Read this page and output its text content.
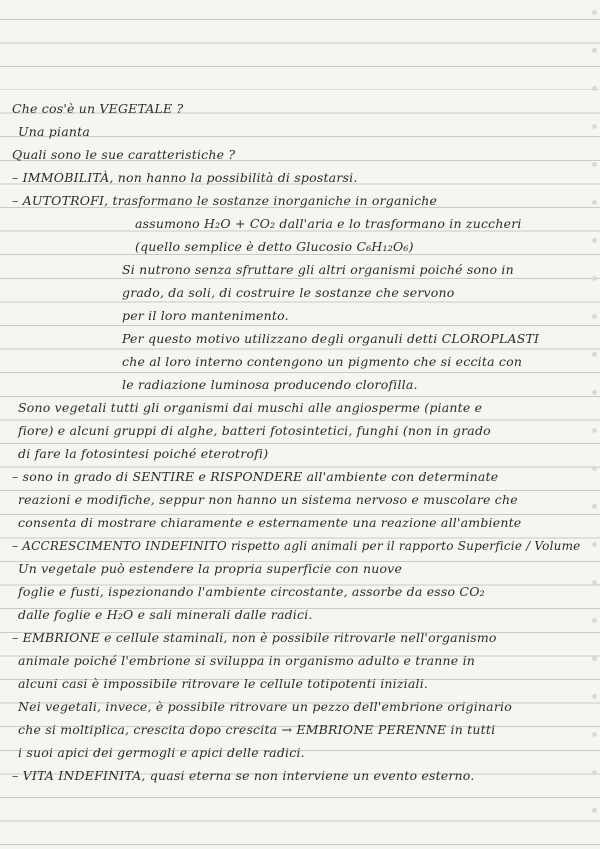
Che cos'è un VEGETALE ?
Una pianta
Quali sono le sue caratteristiche ?
– IMMOBILITÀ, non hanno la possibilità di spostarsi.
– AUTOTROFI, trasformano le sostanze inorganiche in organiche
assumono H₂O + CO₂ dall'aria e lo trasformano in zuccheri
(quello semplice è detto Glucosio C₆H₁₂O₆)
Si nutrono senza sfruttare gli altri organismi poiché sono in
grado, da soli, di costruire le sostanze che servono
per il loro mantenimento.
Per questo motivo utilizzano degli organuli detti CLOROPLASTI
che al loro interno contengono un pigmento che si eccita con
le radiazione luminosa producendo clorofilla.
Sono vegetali tutti gli organismi dai muschi alle angiosperme (piante e
fiore) e alcuni gruppi di alghe, batteri fotosintetici, funghi (non in grado
di fare la fotosintesi poiché eterotrofi)
– sono in grado di SENTIRE e RISPONDERE all'ambiente con determinate
reazioni e modifiche, seppur non hanno un sistema nervoso e muscolare che
consenta di mostrare chiaramente e esternamente una reazione all'ambiente
– ACCRESCIMENTO INDEFINITO rispetto agli animali per il rapporto Superficie / Volume
Un vegetale può estendere la propria superficie con nuove
foglie e fusti, ispezionando l'ambiente circostante, assorbe da esso CO₂
dalle foglie e H₂O e sali minerali dalle radici.
– EMBRIONE e cellule staminali, non è possibile ritrovarle nell'organismo
animale poiché l'embrione si sviluppa in organismo adulto e tranne in
alcuni casi è impossibile ritrovare le cellule totipotenti iniziali.
Nei vegetali, invece, è possibile ritrovare un pezzo dell'embrione originario
che si moltiplica, crescita dopo crescita → EMBRIONE PERENNE in tutti
i suoi apici dei germogli e apici delle radici.
– VITA INDEFINITA, quasi eterna se non interviene un evento esterno.
